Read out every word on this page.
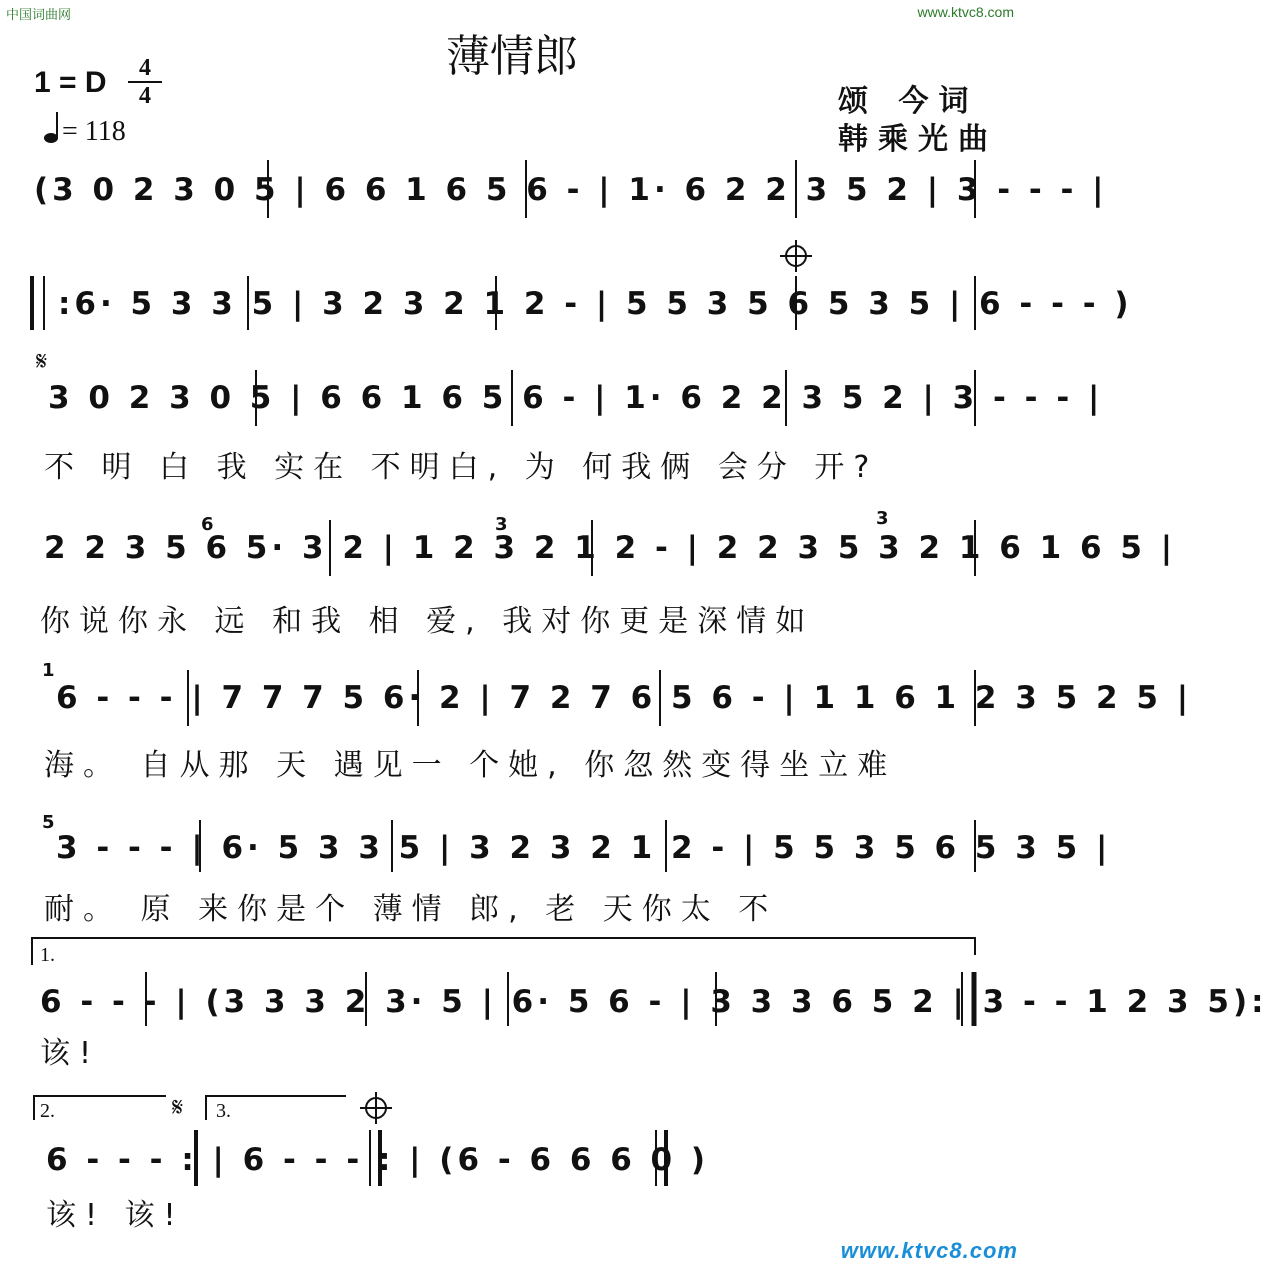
中国词曲网	www.ktvc8.com
薄情郎
1 = D	4
4
= 118
颂 今词
韩乘光曲
(3 0 2 3 0 5 | 6 6 1 6 5 6 - | 1· 6 2 2 3 5 2 | 3 - - - |
:6· 5 3 3 5 | 3 2 3 2 1 2 - | 5 5 3 5 6 5 3 5 | 6 - - - )
3 0 2 3 0 5 | 6 6 1 6 5 6 - | 1· 6 2 2 3 5 2 | 3 - - - |
不 明 白 我 实在 不明白, 为 何我俩 会分 开?
2 2 3 5 6 5· 3 2 | 1 2 3 2 1 2 - | 2 2 3 5 3 2 1 6 1 6 5 |
你说你永 远 和我 相 爱, 我对你更是深情如
6 - - - | 7 7 7 5 6· 2 | 7 2 7 6 5 6 - | 1 1 6 1 2 3 5 2 5 |
海。 自从那 天 遇见一 个她, 你忽然变得坐立难
3 - - - | 6· 5 3 3 5 | 3 2 3 2 1 2 - | 5 5 3 5 6 5 3 5 |
耐。 原 来你是个 薄情 郎, 老 天你太 不
6 - - - | (3 3 3 2 3· 5 | 6· 5 6 - | 3 3 3 6 5 2 | 3 - - 1 2 3 5):
该!
6 - - - : | 6 - - - : | (6 - 6 6 6 0 )
该! 该!
6	3
1
5
3
1.
2.	3.
www.ktvc8.com
𝄋
𝄋
